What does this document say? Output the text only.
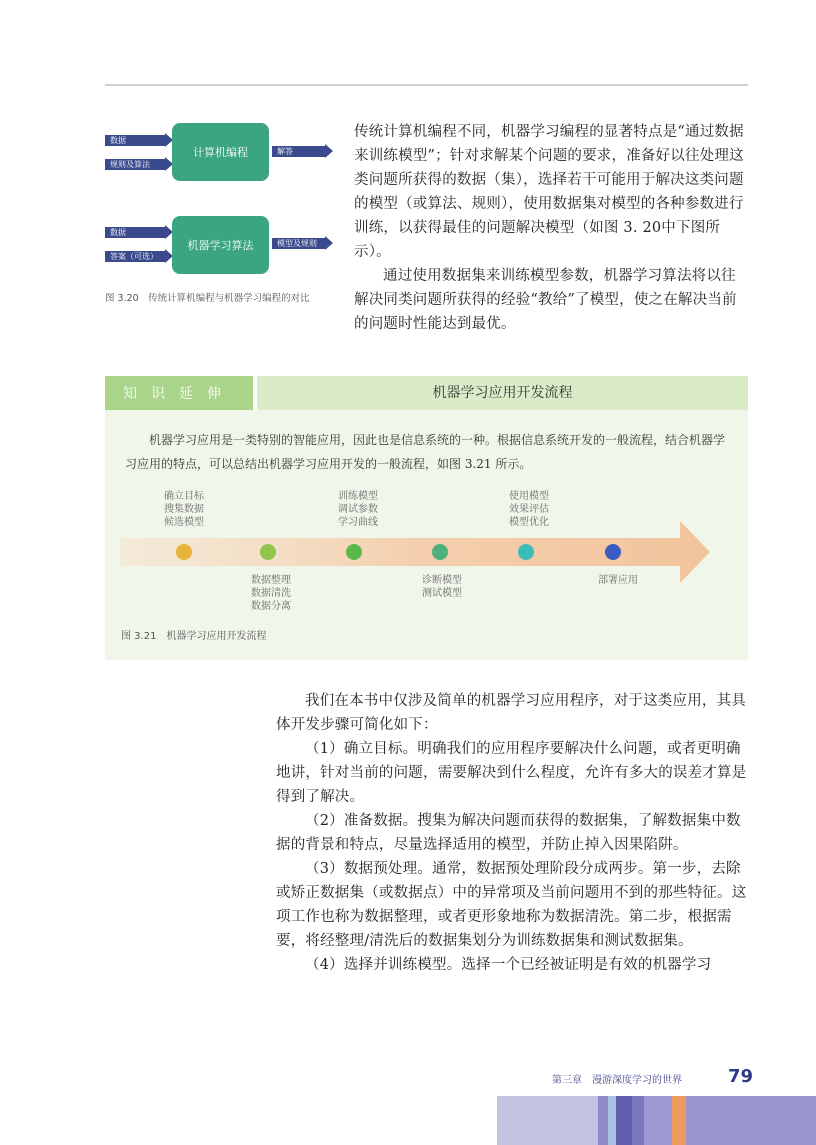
数据
规则及算法
计算机编程	解答
数据
答案（可选）
机器学习算法	模型及规则
图 3.20　传统计算机编程与机器学习编程的对比

传统计算机编程不同，机器学习编程的显著特点是“通过数据来训练模型”；针对求解某个问题的要求，准备好以往处理这类问题所获得的数据（集），选择若干可能用于解决这类问题的模型（或算法、规则），使用数据集对模型的各种参数进行训练，以获得最佳的问题解决模型（如图 3. 20中下图所示）。

通过使用数据集来训练模型参数，机器学习算法将以往解决同类问题所获得的经验“教给”了模型，使之在解决当前的问题时性能达到最优。

知识延伸	机器学习应用开发流程

机器学习应用是一类特别的智能应用，因此也是信息系统的一种。根据信息系统开发的一般流程，结合机器学习应用的特点，可以总结出机器学习应用开发的一般流程，如图 3.21 所示。

确立目标
搜集数据
候选模型
训练模型
调试参数
学习曲线
使用模型
效果评估
模型优化
数据整理
数据清洗
数据分离
诊断模型
测试模型
部署应用
图 3.21　机器学习应用开发流程

我们在本书中仅涉及简单的机器学习应用程序，对于这类应用，其具体开发步骤可简化如下：

（1）确立目标。明确我们的应用程序要解决什么问题，或者更明确地讲，针对当前的问题，需要解决到什么程度，允许有多大的误差才算是得到了解决。

（2）准备数据。搜集为解决问题而获得的数据集，了解数据集中数据的背景和特点，尽量选择适用的模型，并防止掉入因果陷阱。

（3）数据预处理。通常，数据预处理阶段分成两步。第一步，去除或矫正数据集（或数据点）中的异常项及当前问题用不到的那些特征。这项工作也称为数据整理，或者更形象地称为数据清洗。第二步，根据需要，将经整理/清洗后的数据集划分为训练数据集和测试数据集。

（4）选择并训练模型。选择一个已经被证明是有效的机器学习

第三章　漫游深度学习的世界	79
